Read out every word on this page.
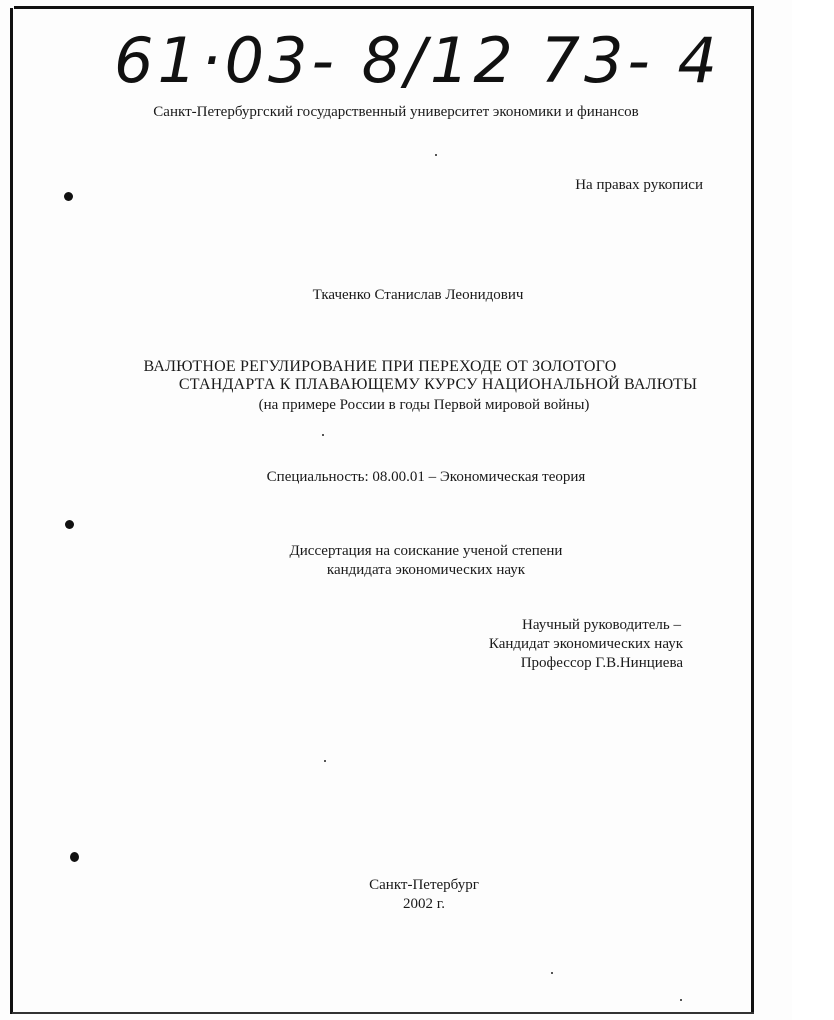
61·03- 8/12 73- 4
Санкт-Петербургский государственный университет экономики и финансов
На правах рукописи
Ткаченко Станислав Леонидович
ВАЛЮТНОЕ РЕГУЛИРОВАНИЕ ПРИ ПЕРЕХОДЕ ОТ ЗОЛОТОГО
СТАНДАРТА К ПЛАВАЮЩЕМУ КУРСУ НАЦИОНАЛЬНОЙ ВАЛЮТЫ
(на примере России в годы Первой мировой войны)
Специальность: 08.00.01 – Экономическая теория
Диссертация на соискание ученой степени
кандидата экономических наук
Научный руководитель –
Кандидат экономических наук
Профессор Г.В.Нинциева
Санкт-Петербург
2002 г.
